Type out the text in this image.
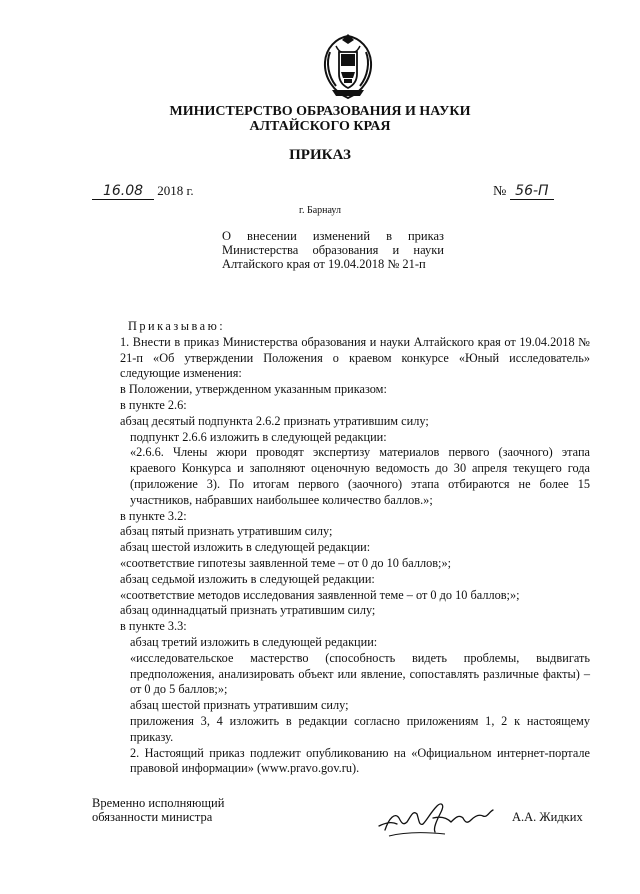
МИНИСТЕРСТВО ОБРАЗОВАНИЯ И НАУКИ
АЛТАЙСКОГО КРАЯ
ПРИКАЗ
16.08 2018 г.	№ 56-П
г. Барнаул
О внесении изменений в приказ Министерства образования и науки Алтайского края от 19.04.2018 № 21-п

Приказываю:

1. Внести в приказ Министерства образования и науки Алтайского края от 19.04.2018 № 21-п «Об утверждении Положения о краевом конкурсе «Юный исследователь» следующие изменения:

в Положении, утвержденном указанным приказом:

в пункте 2.6:

абзац десятый подпункта 2.6.2 признать утратившим силу;

подпункт 2.6.6 изложить в следующей редакции:

«2.6.6. Члены жюри проводят экспертизу материалов первого (заочного) этапа краевого Конкурса и заполняют оценочную ведомость до 30 апреля текущего года (приложение 3). По итогам первого (заочного) этапа отбираются не более 15 участников, набравших наибольшее количество баллов.»;

в пункте 3.2:

абзац пятый признать утратившим силу;

абзац шестой изложить в следующей редакции:

«соответствие гипотезы заявленной теме – от 0 до 10 баллов;»;

абзац седьмой изложить в следующей редакции:

«соответствие методов исследования заявленной теме – от 0 до 10 баллов;»;

абзац одиннадцатый признать утратившим силу;

в пункте 3.3:

абзац третий изложить в следующей редакции:

«исследовательское мастерство (способность видеть проблемы, выдвигать предположения, анализировать объект или явление, сопоставлять различные факты) – от 0 до 5 баллов;»;

абзац шестой признать утратившим силу;

приложения 3, 4 изложить в редакции согласно приложениям 1, 2 к настоящему приказу.

2. Настоящий приказ подлежит опубликованию на «Официальном интернет-портале правовой информации» (www.pravo.gov.ru).

Временно исполняющий
обязанности министра	А.А. Жидких
